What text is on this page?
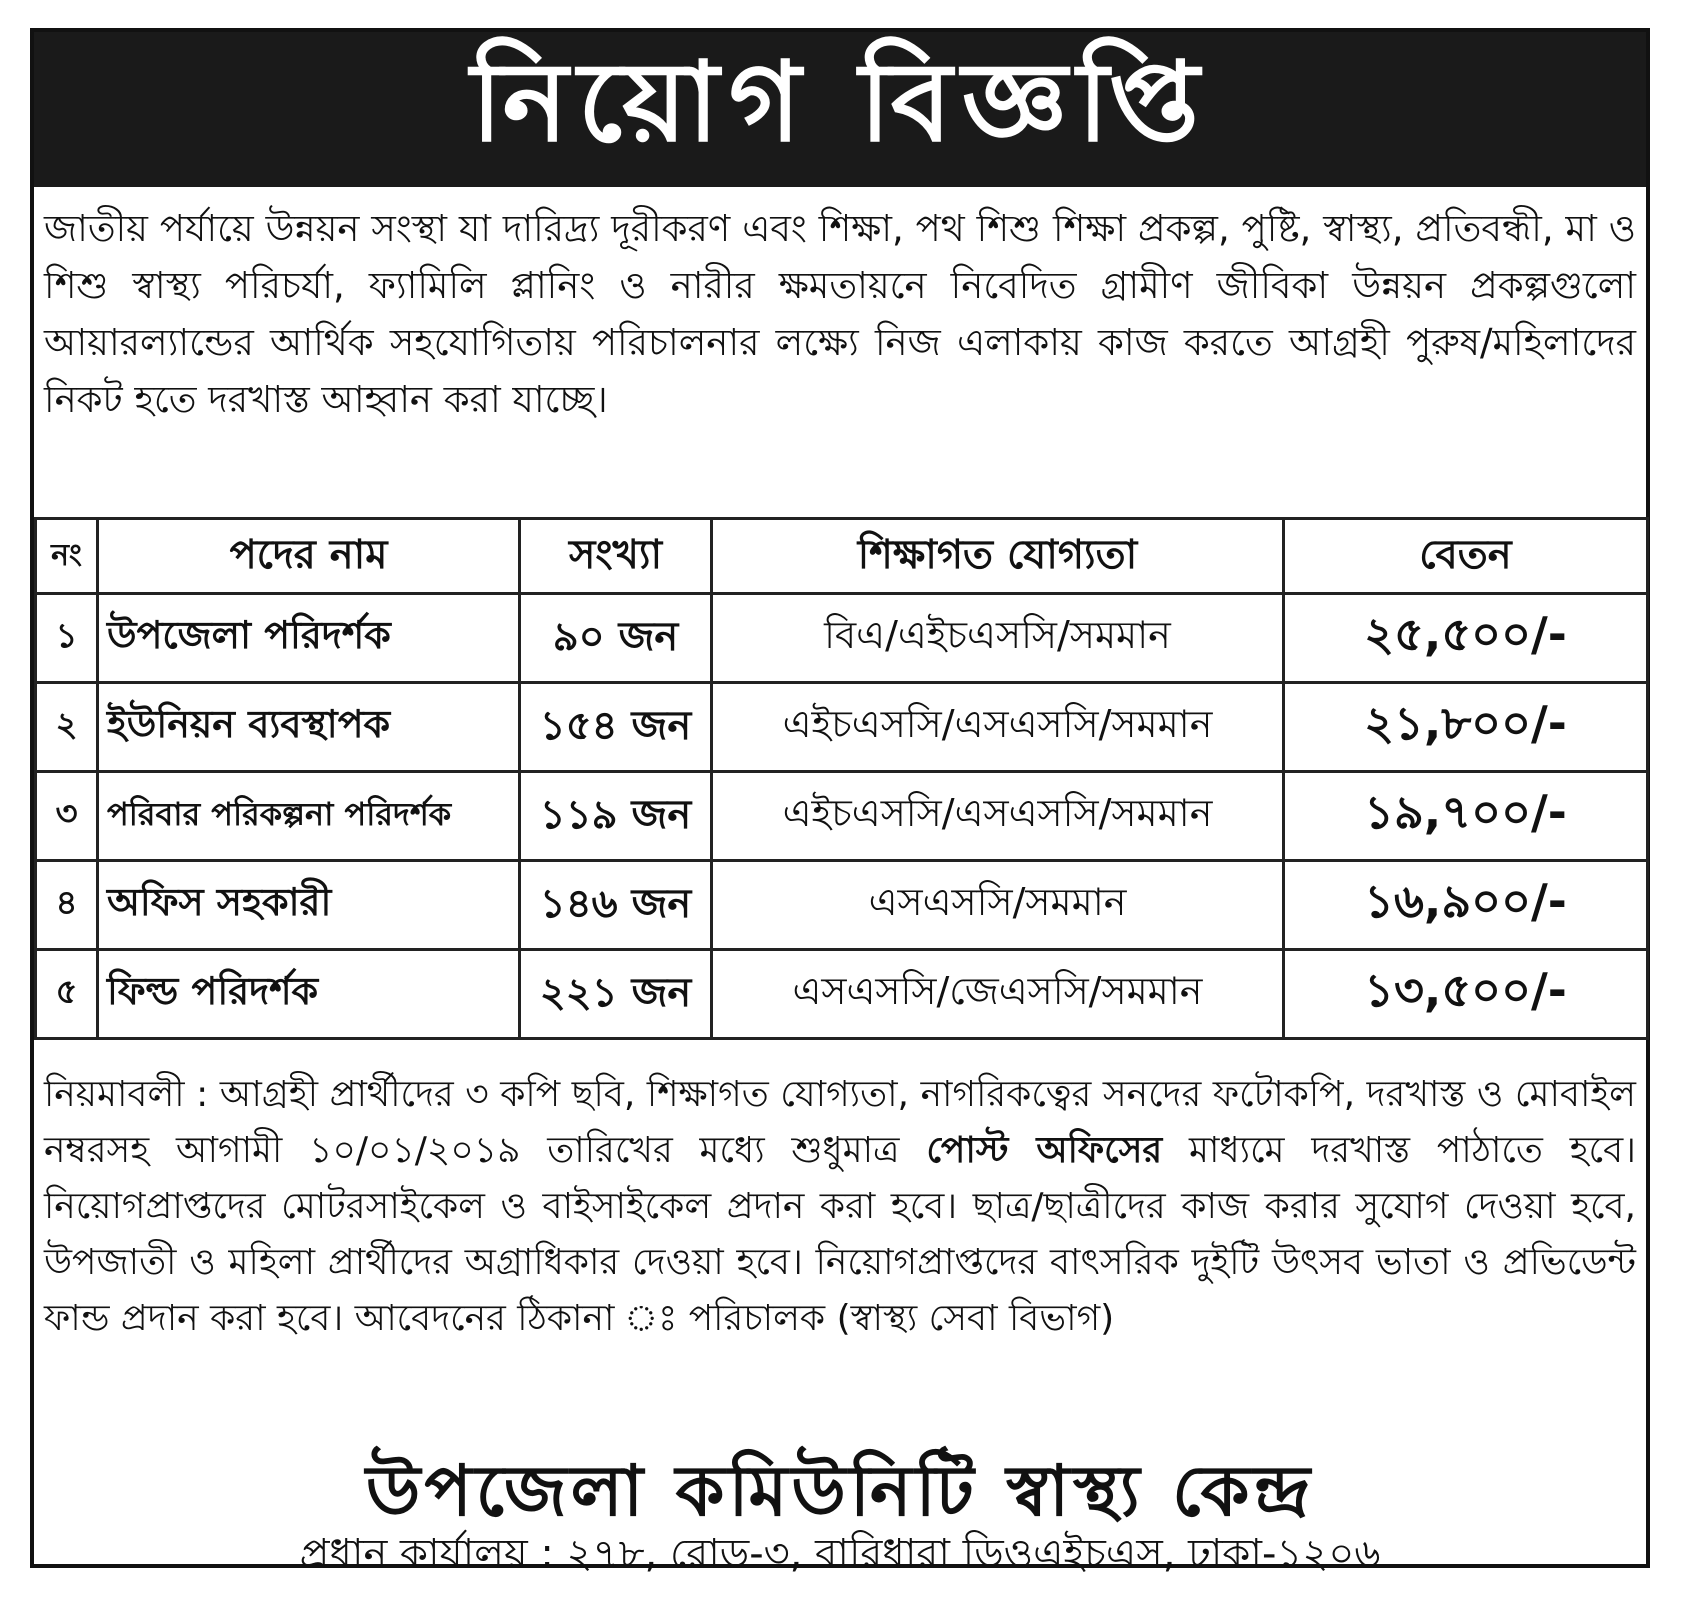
নিয়োগ বিজ্ঞপ্তি
জাতীয় পর্যায়ে উন্নয়ন সংস্থা যা দারিদ্র্য দূরীকরণ এবং শিক্ষা, পথ শিশু শিক্ষা প্রকল্প, পুষ্টি, স্বাস্থ্য, প্রতিবন্ধী, মা ও শিশু স্বাস্থ্য পরিচর্যা, ফ্যামিলি প্লানিং ও নারীর ক্ষমতায়নে নিবেদিত গ্রামীণ জীবিকা উন্নয়ন প্রকল্পগুলো আয়ারল্যান্ডের আর্থিক সহযোগিতায় পরিচালনার লক্ষ্যে নিজ এলাকায় কাজ করতে আগ্রহী পুরুষ/মহিলাদের নিকট হতে দরখাস্ত আহ্বান করা যাচ্ছে।
নং	পদের নাম	সংখ্যা	শিক্ষাগত যোগ্যতা	বেতন
১	উপজেলা পরিদর্শক	৯০ জন	বিএ/এইচএসসি/সমমান	২৫,৫০০/-
২	ইউনিয়ন ব্যবস্থাপক	১৫৪ জন	এইচএসসি/এসএসসি/সমমান	২১,৮০০/-
৩	পরিবার পরিকল্পনা পরিদর্শক	১১৯ জন	এইচএসসি/এসএসসি/সমমান	১৯,৭০০/-
৪	অফিস সহকারী	১৪৬ জন	এসএসসি/সমমান	১৬,৯০০/-
৫	ফিল্ড পরিদর্শক	২২১ জন	এসএসসি/জেএসসি/সমমান	১৩,৫০০/-
নিয়মাবলী : আগ্রহী প্রার্থীদের ৩ কপি ছবি, শিক্ষাগত যোগ্যতা, নাগরিকত্বের সনদের ফটোকপি, দরখাস্ত ও মোবাইল নম্বরসহ আগামী ১০/০১/২০১৯ তারিখের মধ্যে শুধুমাত্র পোস্ট অফিসের মাধ্যমে দরখাস্ত পাঠাতে হবে। নিয়োগপ্রাপ্তদের মোটরসাইকেল ও বাইসাইকেল প্রদান করা হবে। ছাত্র/ছাত্রীদের কাজ করার সুযোগ দেওয়া হবে, উপজাতী ও মহিলা প্রার্থীদের অগ্রাধিকার দেওয়া হবে। নিয়োগপ্রাপ্তদের বাৎসরিক দুইটি উৎসব ভাতা ও প্রভিডেন্ট ফান্ড প্রদান করা হবে। আবেদনের ঠিকানা ঃ পরিচালক (স্বাস্থ্য সেবা বিভাগ)
উপজেলা কমিউনিটি স্বাস্থ্য কেন্দ্র
প্রধান কার্যালয় : ২৭৮, রোড-৩, বারিধারা ডিওএইচএস, ঢাকা-১২০৬
